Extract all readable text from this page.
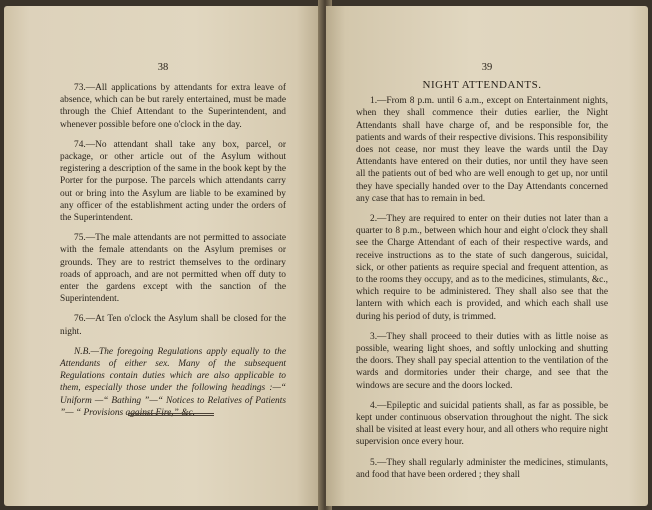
38

73.—All applications by attendants for extra leave of absence, which can be but rarely entertained, must be made through the Chief Attendant to the Superintendent, and whenever possible before one o'clock in the day.

74.—No attendant shall take any box, parcel, or package, or other article out of the Asylum without registering a description of the same in the book kept by the Porter for the purpose. The parcels which attendants carry out or bring into the Asylum are liable to be examined by any officer of the establishment acting under the orders of the Superintendent.

75.—The male attendants are not permitted to associate with the female attendants on the Asylum premises or grounds. They are to restrict themselves to the ordinary roads of approach, and are not permitted when off duty to enter the gardens except with the sanction of the Superintendent.

76.—At Ten o'clock the Asylum shall be closed for the night.

N.B.—The foregoing Regulations apply equally to the Attendants of either sex. Many of the subsequent Regulations contain duties which are also applicable to them, especially those under the following headings :—“ Uniform —“ Bathing ”—“ Notices to Relatives of Patients ”— “ Provisions against Fire,” &c.

39

NIGHT ATTENDANTS.

1.—From 8 p.m. until 6 a.m., except on Entertainment nights, when they shall commence their duties earlier, the Night Attendants shall have charge of, and be responsible for, the patients and wards of their respective divisions. This responsibility does not cease, nor must they leave the wards until the Day Attendants have entered on their duties, nor until they have seen all the patients out of bed who are well enough to get up, nor until they have specially handed over to the Day Attendants concerned any case that has to remain in bed.

2.—They are required to enter on their duties not later than a quarter to 8 p.m., between which hour and eight o'clock they shall see the Charge Attendant of each of their respective wards, and receive instructions as to the state of such dangerous, suicidal, sick, or other patients as require special and frequent attention, as to the rooms they occupy, and as to the medicines, stimulants, &c., which require to be administered. They shall also see that the lantern with which each is provided, and which each shall use during his period of duty, is trimmed.

3.—They shall proceed to their duties with as little noise as possible, wearing light shoes, and softly unlocking and shutting the doors. They shall pay special attention to the ventilation of the wards and dormitories under their charge, and see that the windows are secure and the doors locked.

4.—Epileptic and suicidal patients shall, as far as possible, be kept under continuous observation throughout the night. The sick shall be visited at least every hour, and all others who require night supervision once every hour.

5.—They shall regularly administer the medicines, stimulants, and food that have been ordered ; they shall
